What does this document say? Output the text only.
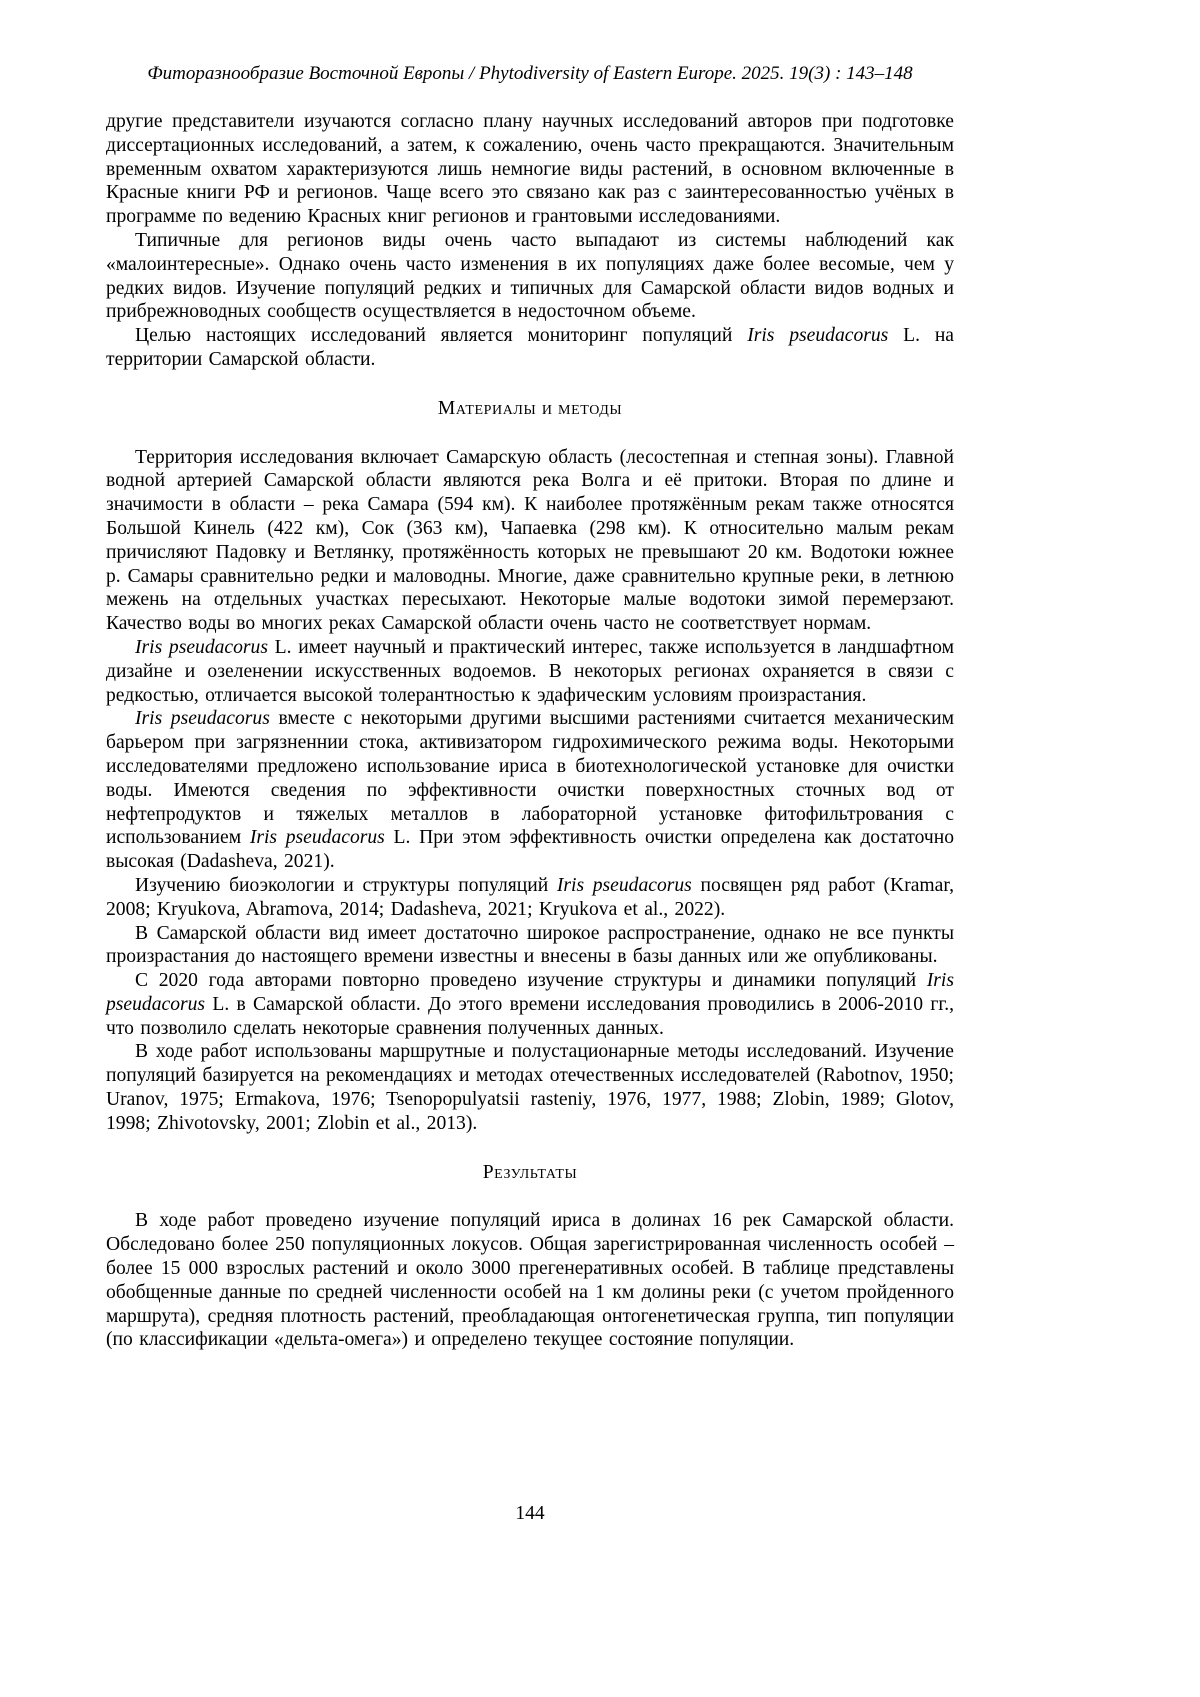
Фиторазнообразие Восточной Европы / Phytodiversity of Eastern Europe. 2025. 19(3) : 143–148

другие представители изучаются согласно плану научных исследований авторов при подготовке диссертационных исследований, а затем, к сожалению, очень часто прекращаются. Значительным временным охватом характеризуются лишь немногие виды растений, в основном включенные в Красные книги РФ и регионов. Чаще всего это связано как раз с заинтересованностью учёных в программе по ведению Красных книг регионов и грантовыми исследованиями.

Типичные для регионов виды очень часто выпадают из системы наблюдений как «малоинтересные». Однако очень часто изменения в их популяциях даже более весомые, чем у редких видов. Изучение популяций редких и типичных для Самарской области видов водных и прибрежноводных сообществ осуществляется в недосточном объеме.

Целью настоящих исследований является мониторинг популяций Iris pseudacorus L. на территории Самарской области.

Материалы и методы

Территория исследования включает Самарскую область (лесостепная и степная зоны). Главной водной артерией Самарской области являются река Волга и её притоки. Вторая по длине и значимости в области – река Самара (594 км). К наиболее протяжённым рекам также относятся Большой Кинель (422 км), Сок (363 км), Чапаевка (298 км). К относительно малым рекам причисляют Падовку и Ветлянку, протяжённость которых не превышают 20 км. Водотоки южнее р. Самары сравнительно редки и маловодны. Многие, даже сравнительно крупные реки, в летнюю межень на отдельных участках пересыхают. Некоторые малые водотоки зимой перемерзают. Качество воды во многих реках Самарской области очень часто не соответствует нормам.

Iris pseudacorus L. имеет научный и практический интерес, также используется в ландшафтном дизайне и озеленении искусственных водоемов. В некоторых регионах охраняется в связи с редкостью, отличается высокой толерантностью к эдафическим условиям произрастания.

Iris pseudacorus вместе с некоторыми другими высшими растениями считается механическим барьером при загрязненнии стока, активизатором гидрохимического режима воды. Некоторыми исследователями предложено использование ириса в биотехнологической установке для очистки воды. Имеются сведения по эффективности очистки поверхностных сточных вод от нефтепродуктов и тяжелых металлов в лабораторной установке фитофильтрования с использованием Iris pseudacorus L. При этом эффективность очистки определена как достаточно высокая (Dadasheva, 2021).

Изучению биоэкологии и структуры популяций Iris pseudacorus посвящен ряд работ (Kramar, 2008; Kryukova, Abramova, 2014; Dadasheva, 2021; Kryukova et al., 2022).

В Самарской области вид имеет достаточно широкое распространение, однако не все пункты произрастания до настоящего времени известны и внесены в базы данных или же опубликованы.

С 2020 года авторами повторно проведено изучение структуры и динамики популяций Iris pseudacorus L. в Самарской области. До этого времени исследования проводились в 2006-2010 гг., что позволило сделать некоторые сравнения полученных данных.

В ходе работ использованы маршрутные и полустационарные методы исследований. Изучение популяций базируется на рекомендациях и методах отечественных исследователей (Rabotnov, 1950; Uranov, 1975; Ermakova, 1976; Tsenopopulyatsii rasteniy, 1976, 1977, 1988; Zlobin, 1989; Glotov, 1998; Zhivotovsky, 2001; Zlobin et al., 2013).

Результаты

В ходе работ проведено изучение популяций ириса в долинах 16 рек Самарской области. Обследовано более 250 популяционных локусов. Общая зарегистрированная численность особей – более 15 000 взрослых растений и около 3000 прегенеративных особей. В таблице представлены обобщенные данные по средней численности особей на 1 км долины реки (с учетом пройденного маршрута), средняя плотность растений, преобладающая онтогенетическая группа, тип популяции (по классификации «дельта-омега») и определено текущее состояние популяции.

144
